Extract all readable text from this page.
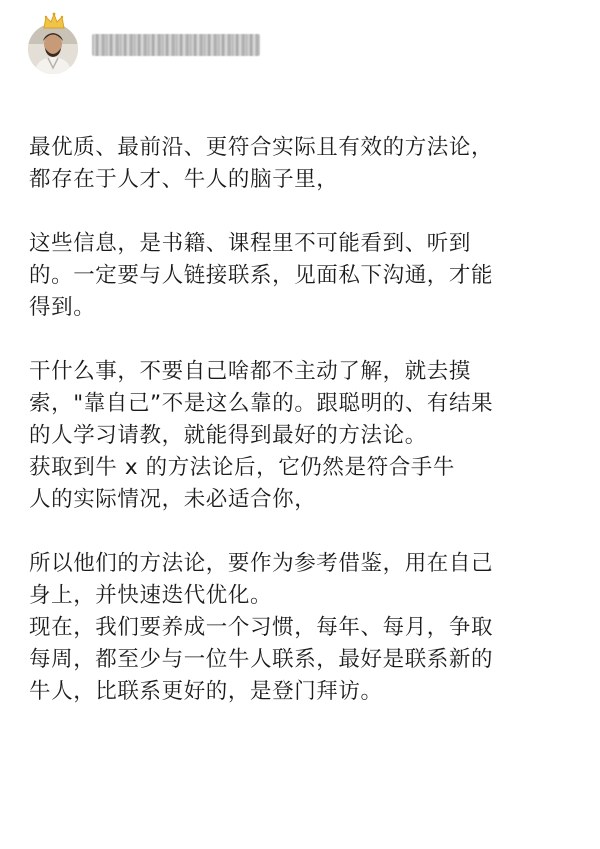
最优质、最前沿、更符合实际且有效的方法论，
都存在于人才、牛人的脑子里，
这些信息，是书籍、课程里不可能看到、听到
的。一定要与人链接联系，见面私下沟通，才能
得到。
干什么事，不要自己啥都不主动了解，就去摸
索，"靠自己”不是这么靠的。跟聪明的、有结果
的人学习请教，就能得到最好的方法论。
获取到牛 x 的方法论后，它仍然是符合手牛
人的实际情况，未必适合你，
所以他们的方法论，要作为参考借鉴，用在自己
身上，并快速迭代优化。
现在，我们要养成一个习惯，每年、每月，争取
每周，都至少与一位牛人联系，最好是联系新的
牛人，比联系更好的，是登门拜访。
